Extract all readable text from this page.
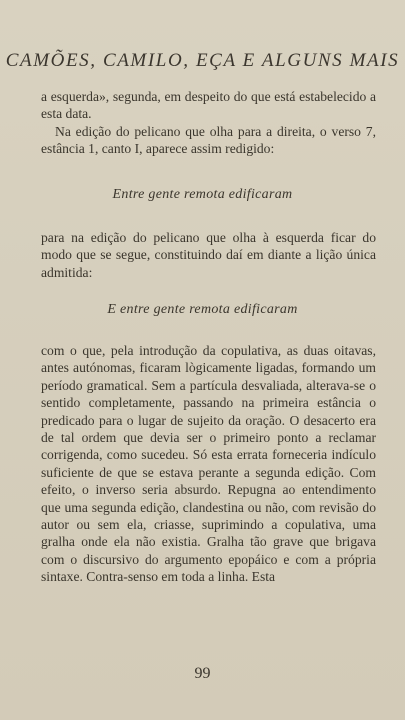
CAMÕES, CAMILO, EÇA E ALGUNS MAIS

a esquerda», segunda, em despeito do que está estabelecido a esta data.

Na edição do pelicano que olha para a direita, o verso 7, estância 1, canto I, aparece assim redigido:

Entre gente remota edificaram

para na edição do pelicano que olha à esquerda ficar do modo que se segue, constituindo daí em diante a lição única admitida:

E entre gente remota edificaram

com o que, pela introdução da copulativa, as duas oitavas, antes autónomas, ficaram lògicamente ligadas, formando um período gramatical. Sem a partícula desvaliada, alterava-se o sentido completamente, passando na primeira estância o predicado para o lugar de sujeito da oração. O desacerto era de tal ordem que devia ser o primeiro ponto a reclamar corrigenda, como sucedeu. Só esta errata forneceria indículo suficiente de que se estava perante a segunda edição. Com efeito, o inverso seria absurdo. Repugna ao entendimento que uma segunda edição, clandestina ou não, com revisão do autor ou sem ela, criasse, suprimindo a copulativa, uma gralha onde ela não existia. Gralha tão grave que brigava com o discursivo do argumento epopáico e com a própria sintaxe. Contra-senso em toda a linha. Esta

99
